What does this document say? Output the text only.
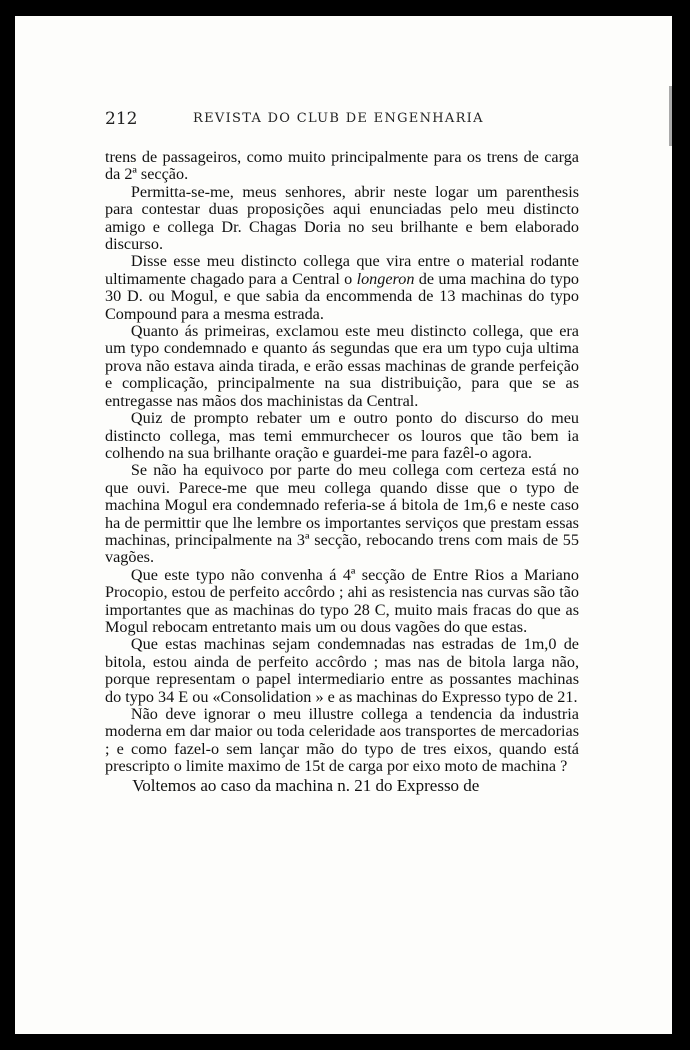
212	REVISTA DO CLUB DE ENGENHARIA

trens de passageiros, como muito principalmente para os trens de carga da 2ª secção.

Permitta-se-me, meus senhores, abrir neste logar um parenthesis para contestar duas proposições aqui enunciadas pelo meu distincto amigo e collega Dr. Chagas Doria no seu brilhante e bem elaborado discurso.

Disse esse meu distincto collega que vira entre o material rodante ultimamente chagado para a Central o longeron de uma machina do typo 30 D. ou Mogul, e que sabia da encommenda de 13 machinas do typo Compound para a mesma estrada.

Quanto ás primeiras, exclamou este meu distincto collega, que era um typo condemnado e quanto ás segundas que era um typo cuja ultima prova não estava ainda tirada, e erão essas machinas de grande perfeição e complicação, principalmente na sua distribuição, para que se as entregasse nas mãos dos machinistas da Central.

Quiz de prompto rebater um e outro ponto do discurso do meu distincto collega, mas temi emmurchecer os louros que tão bem ia colhendo na sua brilhante oração e guardei-me para fazêl-o agora.

Se não ha equivoco por parte do meu collega com certeza está no que ouvi. Parece-me que meu collega quando disse que o typo de machina Mogul era condemnado referia-se á bitola de 1m,6 e neste caso ha de permittir que lhe lembre os importantes serviços que prestam essas machinas, principalmente na 3ª secção, rebocando trens com mais de 55 vagões.

Que este typo não convenha á 4ª secção de Entre Rios a Mariano Procopio, estou de perfeito accôrdo ; ahi as resistencia nas curvas são tão importantes que as machinas do typo 28 C, muito mais fracas do que as Mogul rebocam entretanto mais um ou dous vagões do que estas.

Que estas machinas sejam condemnadas nas estradas de 1m,0 de bitola, estou ainda de perfeito accôrdo ; mas nas de bitola larga não, porque representam o papel intermediario entre as possantes machinas do typo 34 E ou «Consolidation » e as machinas do Expresso typo de 21.

Não deve ignorar o meu illustre collega a tendencia da industria moderna em dar maior ou toda celeridade aos transportes de mercadorias ; e como fazel-o sem lançar mão do typo de tres eixos, quando está prescripto o limite maximo de 15t de carga por eixo moto de machina ?

Voltemos ao caso da machina n. 21 do Expresso de
